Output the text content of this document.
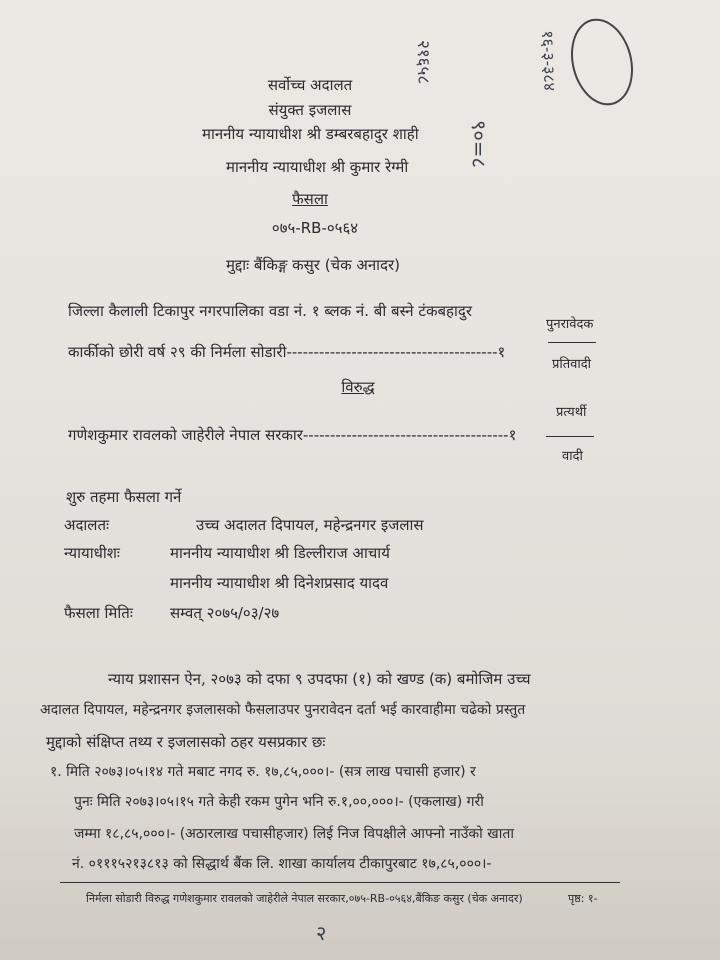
२१६५८
९०=८
१६-३-३८४
सर्वोच्च अदालत
संयुक्त इजलास
माननीय न्यायाधीश श्री डम्बरबहादुर शाही
माननीय न्यायाधीश श्री कुमार रेग्मी
फैसला
०७५-RB-०५६४
मुद्दाः बैंकिङ्ग कसुर (चेक अनादर)
जिल्ला कैलाली टिकापुर नगरपालिका वडा नं. १ ब्लक नं. बी बस्ने टंकबहादुर
कार्कीको छोरी वर्ष २९ की निर्मला सोडारी---------------------------------------१
पुनरावेदक
प्रतिवादी
विरुद्ध
गणेशकुमार रावलको जाहेरीले नेपाल सरकार--------------------------------------१
प्रत्यर्थी
वादी
शुरु तहमा फैसला गर्ने
अदालतः	उच्च अदालत दिपायल, महेन्द्रनगर इजलास
न्यायाधीशः	माननीय न्यायाधीश श्री डिल्लीराज आचार्य
माननीय न्यायाधीश श्री दिनेशप्रसाद यादव
फैसला मितिः सम्वत् २०७५/०३/२७
न्याय प्रशासन ऐन, २०७३ को दफा ९ उपदफा (१) को खण्ड (क) बमोजिम उच्च
अदालत दिपायल, महेन्द्रनगर इजलासको फैसलाउपर पुनरावेदन दर्ता भई कारवाहीमा चढेको प्रस्तुत
मुद्दाको संक्षिप्त तथ्य र इजलासको ठहर यसप्रकार छः
१. मिति २०७३।०५।१४ गते मबाट नगद रु. १७,८५,०००।- (सत्र लाख पचासी हजार) र
पुनः मिति २०७३।०५।१५ गते केही रकम पुगेन भनि रु.१,००,०००।- (एकलाख) गरी
जम्मा १८,८५,०००।- (अठारलाख पचासीहजार) लिई निज विपक्षीले आफ्नो नाउँको खाता
नं. ०१११५२१३८१३ को सिद्धार्थ बैंक लि. शाखा कार्यालय टीकापुरबाट १७,८५,०००।-
निर्मला सोडारी विरुद्ध गणेशकुमार रावलको जाहेरीले नेपाल सरकार,०७५-RB-०५६४,बैंकिङ कसुर (चेक अनादर)	पृष्ठ: १-
२
